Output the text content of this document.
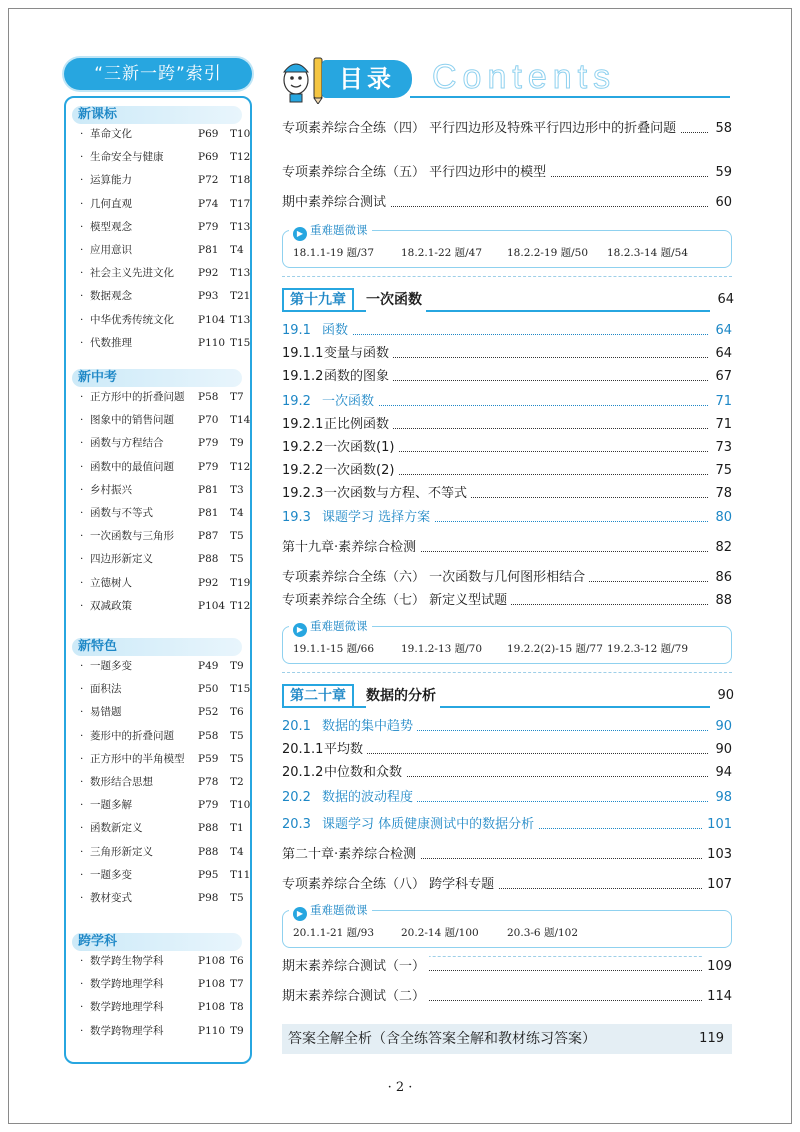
“三新一跨”索引
新课标
· 革命文化	P69 T10
· 生命安全与健康	P69 T12
· 运算能力	P72 T18
· 几何直观	P74 T17
· 模型观念	P79 T13
· 应用意识	P81 T4
· 社会主义先进文化 P92 T13
· 数据观念	P93 T21
· 中华优秀传统文化 P104 T13
· 代数推理	P110 T15
新中考
· 正方形中的折叠问题 P58 T7
· 图象中的销售问题 P70 T14
· 函数与方程结合	P79 T9
· 函数中的最值问题 P79 T12
· 乡村振兴	P81 T3
· 函数与不等式	P81 T4
· 一次函数与三角形 P87 T5
· 四边形新定义	P88 T5
· 立德树人	P92 T19
· 双减政策	P104 T12
新特色
· 一题多变	P49 T9
· 面积法	P50 T15
· 易错题	P52 T6
· 菱形中的折叠问题 P58 T5
· 正方形中的半角模型 P59 T5
· 数形结合思想	P78 T2
· 一题多解	P79 T10
· 函数新定义	P88 T1
· 三角形新定义	P88 T4
· 一题多变	P95 T11
· 教材变式	P98 T5
跨学科
· 数学跨生物学科	P108 T6
· 数学跨地理学科	P108 T7
· 数学跨地理学科	P108 T8
· 数学跨物理学科	P110 T9
目录	Contents
专项素养综合全练（四） 平行四边形及特殊平行四边形中的折叠问题	58
专项素养综合全练（五） 平行四边形中的模型	59
期中素养综合测试	60
▶ 重难题微课
18.1.1-19 题/37	18.2.1-22 题/47 18.2.2-19 题/50 18.2.3-14 题/54
第十九章	一次函数	64
19.1 函数	64
19.1.1变量与函数	64
19.1.2函数的图象	67
19.2 一次函数	71
19.2.1正比例函数	71
19.2.2一次函数(1)	73
19.2.2一次函数(2)	75
19.2.3一次函数与方程、不等式	78
19.3 课题学习 选择方案	80
第十九章·素养综合检测	82
专项素养综合全练（六） 一次函数与几何图形相结合	86
专项素养综合全练（七） 新定义型试题	88
▶ 重难题微课
19.1.1-15 题/66	19.1.2-13 题/70 19.2.2(2)-15 题/77 19.2.3-12 题/79
第二十章	数据的分析	90
20.1 数据的集中趋势	90
20.1.1平均数	90
20.1.2中位数和众数	94
20.2 数据的波动程度	98
20.3 课题学习 体质健康测试中的数据分析	101
第二十章·素养综合检测	103
专项素养综合全练（八） 跨学科专题	107
▶ 重难题微课
20.1.1-21 题/93	20.2-14 题/100	20.3-6 题/102
期末素养综合测试（一）	109
期末素养综合测试（二）	114
答案全解全析（含全练答案全解和教材练习答案）	119
· 2 ·
